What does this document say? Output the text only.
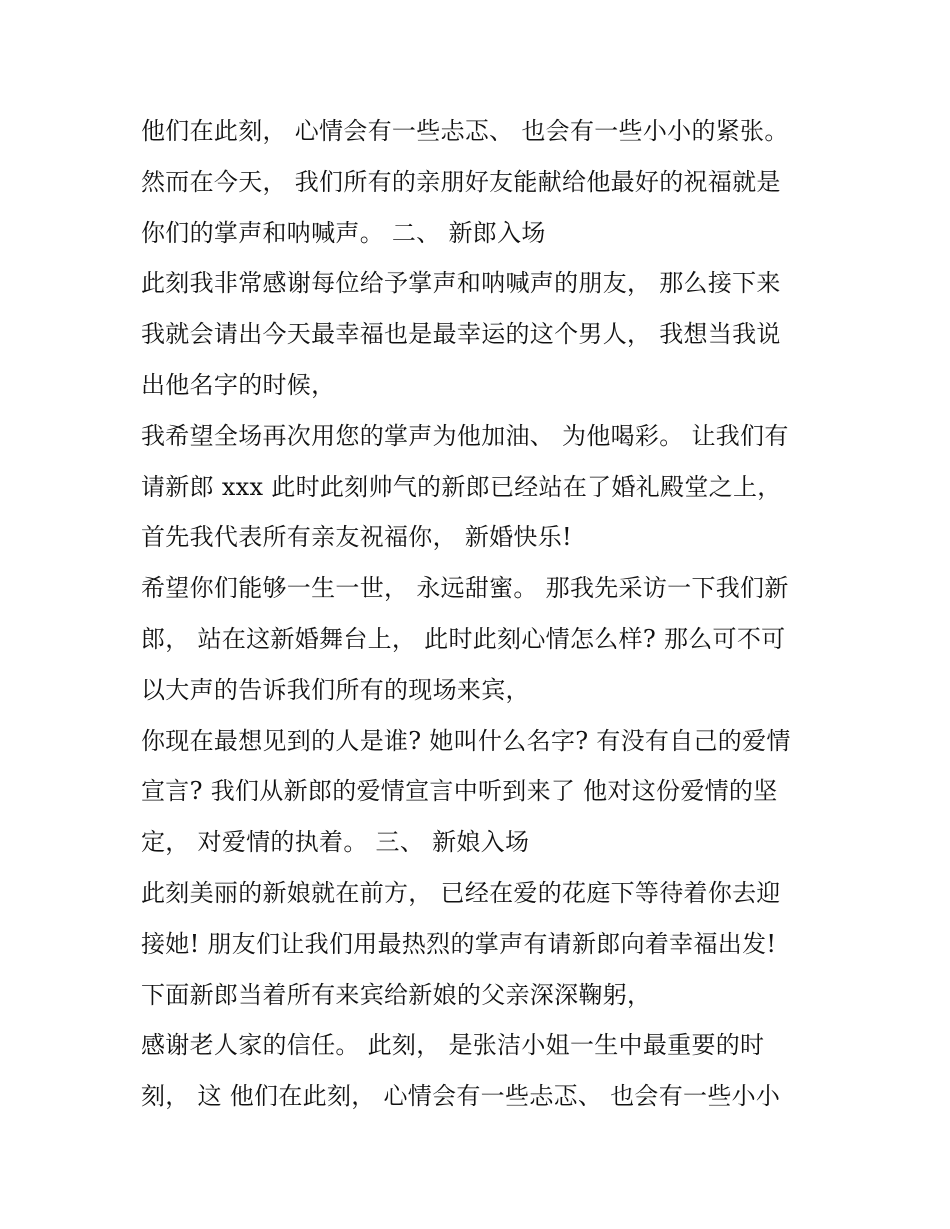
他们在此刻， 心情会有一些忐忑、 也会有一些小小的紧张。
然而在今天， 我们所有的亲朋好友能献给他最好的祝福就是
你们的掌声和呐喊声。 二、 新郎入场
此刻我非常感谢每位给予掌声和呐喊声的朋友， 那么接下来
我就会请出今天最幸福也是最幸运的这个男人， 我想当我说
出他名字的时候，
我希望全场再次用您的掌声为他加油、 为他喝彩。 让我们有
请新郎 xxx 此时此刻帅气的新郎已经站在了婚礼殿堂之上，
首先我代表所有亲友祝福你， 新婚快乐!
希望你们能够一生一世， 永远甜蜜。 那我先采访一下我们新
郎， 站在这新婚舞台上， 此时此刻心情怎么样? 那么可不可
以大声的告诉我们所有的现场来宾，
你现在最想见到的人是谁? 她叫什么名字? 有没有自己的爱情
宣言? 我们从新郎的爱情宣言中听到来了 他对这份爱情的坚
定， 对爱情的执着。 三、 新娘入场
此刻美丽的新娘就在前方， 已经在爱的花庭下等待着你去迎
接她! 朋友们让我们用最热烈的掌声有请新郎向着幸福出发!
下面新郎当着所有来宾给新娘的父亲深深鞠躬，
感谢老人家的信任。 此刻， 是张洁小姐一生中最重要的时
刻， 这 他们在此刻， 心情会有一些忐忑、 也会有一些小小
